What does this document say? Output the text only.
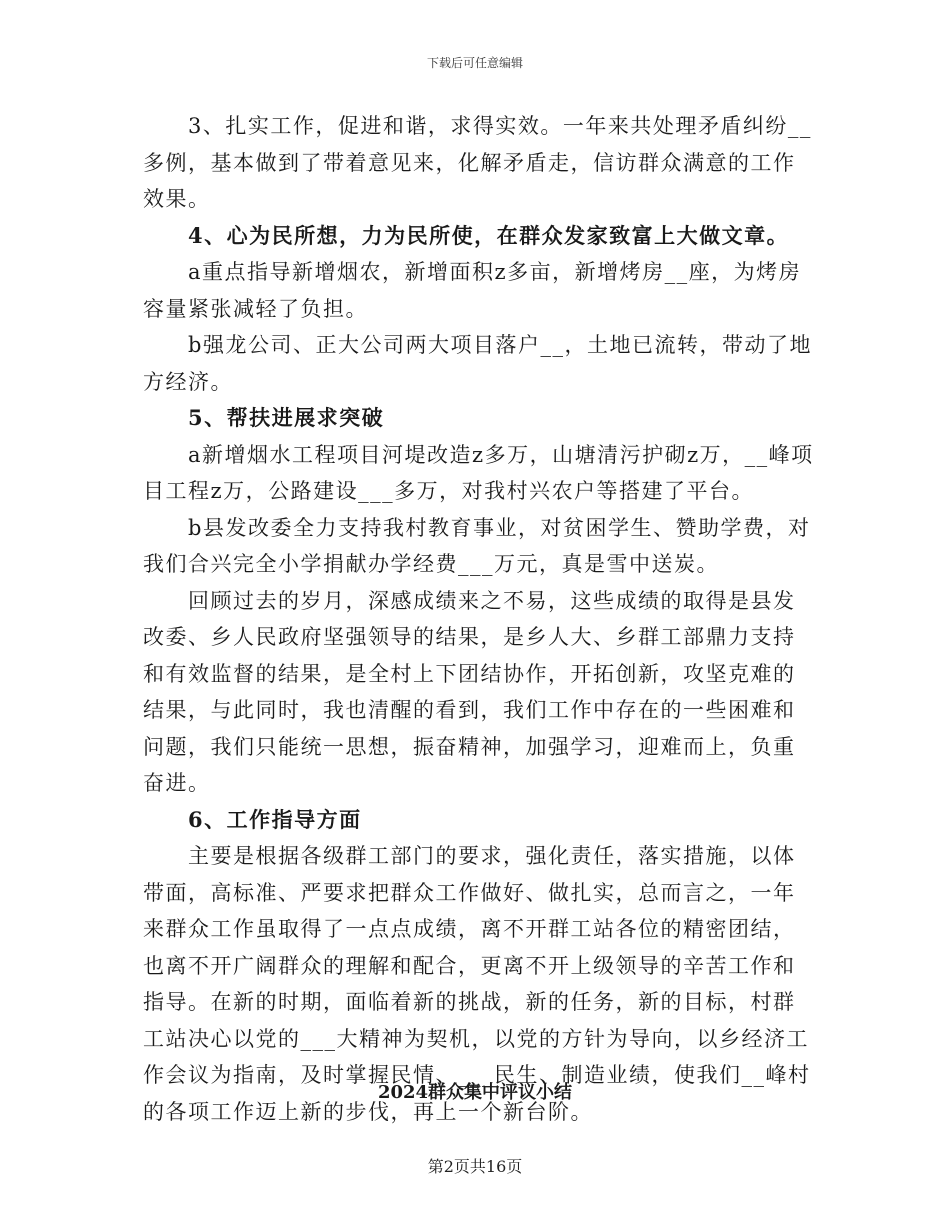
下载后可任意编辑

3、扎实工作，促进和谐，求得实效。一年来共处理矛盾纠纷__多例，基本做到了带着意见来，化解矛盾走，信访群众满意的工作效果。

4、心为民所想，力为民所使，在群众发家致富上大做文章。

a重点指导新增烟农，新增面积z多亩，新增烤房__座，为烤房容量紧张减轻了负担。

b强龙公司、正大公司两大项目落户__，土地已流转，带动了地方经济。

5、帮扶进展求突破

a新增烟水工程项目河堤改造z多万，山塘清污护砌z万，__峰项目工程z万，公路建设___多万，对我村兴农户等搭建了平台。

b县发改委全力支持我村教育事业，对贫困学生、赞助学费，对我们合兴完全小学捐献办学经费___万元，真是雪中送炭。

回顾过去的岁月，深感成绩来之不易，这些成绩的取得是县发改委、乡人民政府坚强领导的结果，是乡人大、乡群工部鼎力支持和有效监督的结果，是全村上下团结协作，开拓创新，攻坚克难的结果，与此同时，我也清醒的看到，我们工作中存在的一些困难和问题，我们只能统一思想，振奋精神，加强学习，迎难而上，负重奋进。

6、工作指导方面

主要是根据各级群工部门的要求，强化责任，落实措施，以体带面，高标准、严要求把群众工作做好、做扎实，总而言之，一年来群众工作虽取得了一点点成绩，离不开群工站各位的精密团结，也离不开广阔群众的理解和配合，更离不开上级领导的辛苦工作和指导。在新的时期，面临着新的挑战，新的任务，新的目标，村群工站决心以党的___大精神为契机，以党的方针为导向，以乡经济工作会议为指南，及时掌握民情、___民生、制造业绩，使我们__峰村的各项工作迈上新的步伐，再上一个新台阶。

2024群众集中评议小结
第2页共16页
